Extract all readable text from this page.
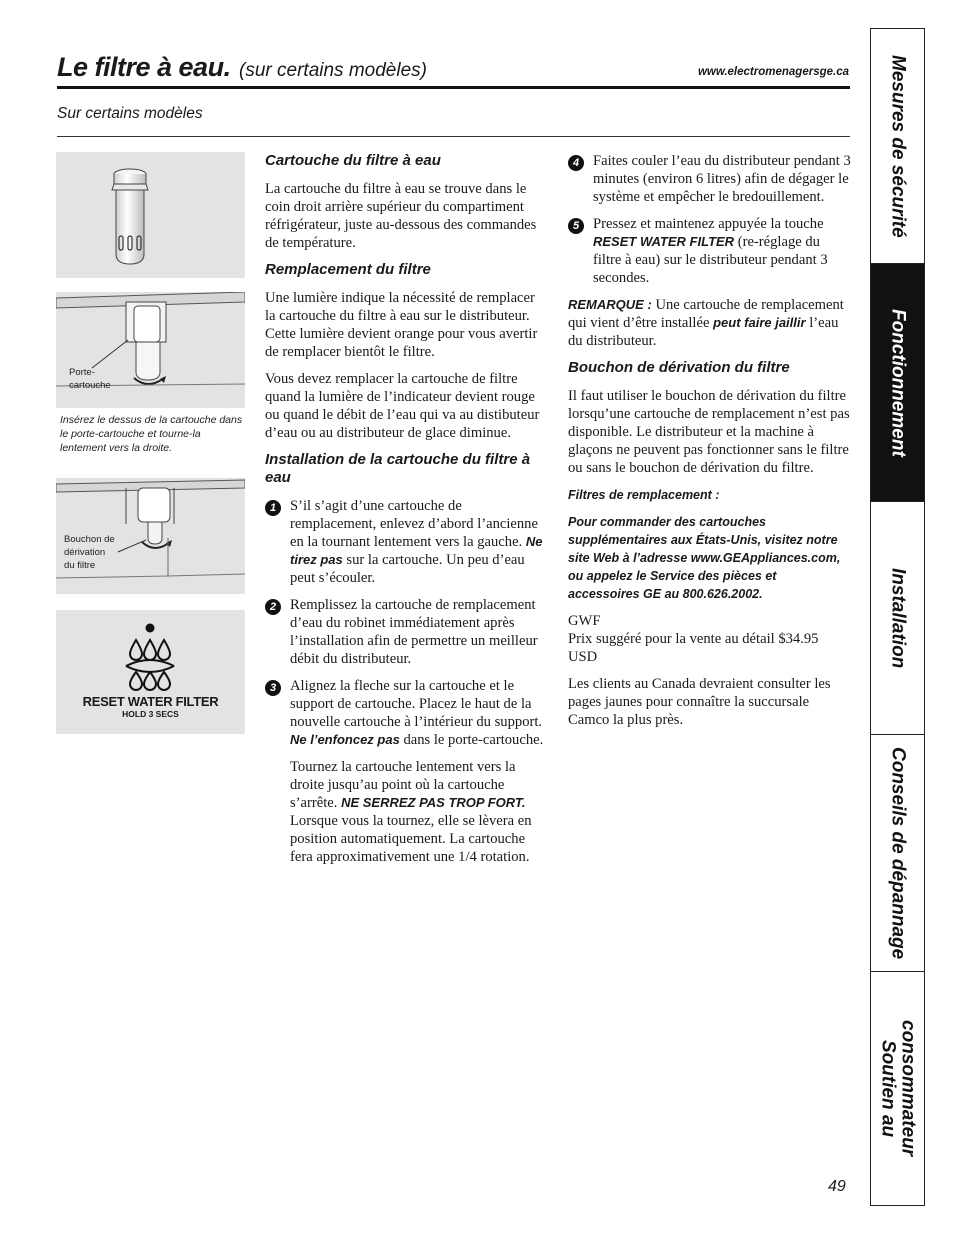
Le filtre à eau. (sur certains modèles)	www.electromenagersge.ca
Sur certains modèles	Mesures de sécurité
Fonctionnement
Installation
Conseils de dépannage
Soutien au consommateur
Porte-
cartouche
Insérez le dessus de la cartouche dans le porte-cartouche et tourne-la lentement vers la droite.
Bouchon de
dérivation
du filtre
RESET WATER FILTER
HOLD 3 SECS
Cartouche du filtre à eau

La cartouche du filtre à eau se trouve dans le coin droit arrière supérieur du compartiment réfrigérateur, juste au-dessous des commandes de température.

Remplacement du filtre

Une lumière indique la nécessité de remplacer la cartouche du filtre à eau sur le distributeur. Cette lumière devient orange pour vous avertir de remplacer bientôt le filtre.

Vous devez remplacer la cartouche de filtre quand la lumière de l’indicateur devient rouge ou quand le débit de l’eau qui va au distibuteur d’eau ou au distributeur de glace diminue.

Installation de la cartouche du filtre à eau
1 S’il s’agit d’une cartouche de remplacement, enlevez d’abord l’ancienne en la tournant lentement vers la gauche. Ne tirez pas sur la cartouche. Un peu d’eau peut s’écouler.
2 Remplissez la cartouche de remplacement d’eau du robinet immédiatement après l’installation afin de permettre un meilleur débit du distributeur.
3 Alignez la fleche sur la cartouche et le support de cartouche. Placez le haut de la nouvelle cartouche à l’intérieur du support. Ne l’enfoncez pas dans le porte-cartouche.
Tournez la cartouche lentement vers la droite jusqu’au point où la cartouche s’arrête. NE SERREZ PAS TROP FORT. Lorsque vous la tournez, elle se lèvera en position automatiquement. La cartouche fera approximativement une 1/4 rotation.
4 Faites couler l’eau du distributeur pendant 3 minutes (environ 6 litres) afin de dégager le système et empêcher le bredouillement.
5 Pressez et maintenez appuyée la touche RESET WATER FILTER (re-réglage du filtre à eau) sur le distributeur pendant 3 secondes.

REMARQUE : Une cartouche de remplacement qui vient d’être installée peut faire jaillir l’eau du distributeur.

Bouchon de dérivation du filtre

Il faut utiliser le bouchon de dérivation du filtre lorsqu’une cartouche de remplacement n’est pas disponible. Le distributeur et la machine à glaçons ne peuvent pas fonctionner sans le filtre ou sans le bouchon de dérivation du filtre.

Filtres de remplacement :
Pour commander des cartouches supplémentaires aux États-Unis, visitez notre site Web à l’adresse www.GEAppliances.com, ou appelez le Service des pièces et accessoires GE au 800.626.2002.

GWF

Prix suggéré pour la vente au détail $34.95 USD

Les clients au Canada devraient consulter les pages jaunes pour connaître la succursale Camco la plus près.

49
